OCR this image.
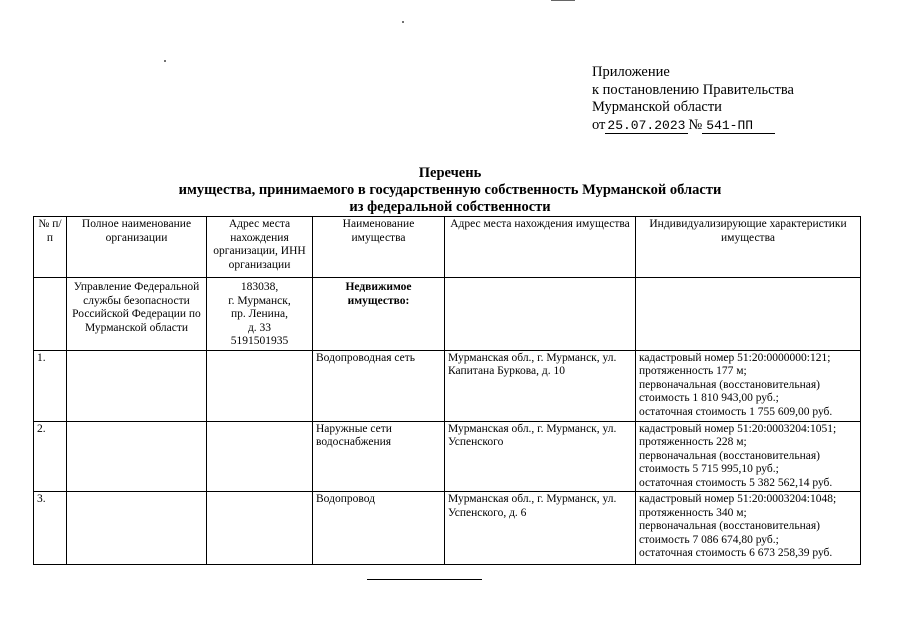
Приложение
к постановлению Правительства
Мурманской области
от 25.07.2023 № 541-ПП
Перечень
имущества, принимаемого в государственную собственность Мурманской области
из федеральной собственности
№ п/п	Полное наименование организации	Адрес места нахождения организации, ИНН организации	Наименование имущества	Адрес места нахождения имущества	Индивидуализирующие характеристики имущества
	Управление Федеральной службы безопасности Российской Федерации по Мурманской области	183038,
г. Мурманск,
пр. Ленина,
д. 33
5191501935	Недвижимое имущество:		
1.			Водопроводная сеть	Мурманская обл., г. Мурманск, ул. Капитана Буркова, д. 10	кадастровый номер 51:20:0000000:121;
протяженность 177 м;
первоначальная (восстановительная)
стоимость 1 810 943,00 руб.;
остаточная стоимость 1 755 609,00 руб.

2.			Наружные сети водоснабжения	Мурманская обл., г. Мурманск, ул. Успенского	кадастровый номер 51:20:0003204:1051;
протяженность 228 м;
первоначальная (восстановительная)
стоимость 5 715 995,10 руб.;
остаточная стоимость 5 382 562,14 руб.

3.			Водопровод	Мурманская обл., г. Мурманск, ул. Успенского, д. 6	кадастровый номер 51:20:0003204:1048;
протяженность 340 м;
первоначальная (восстановительная)
стоимость 7 086 674,80 руб.;
остаточная стоимость 6 673 258,39 руб.
